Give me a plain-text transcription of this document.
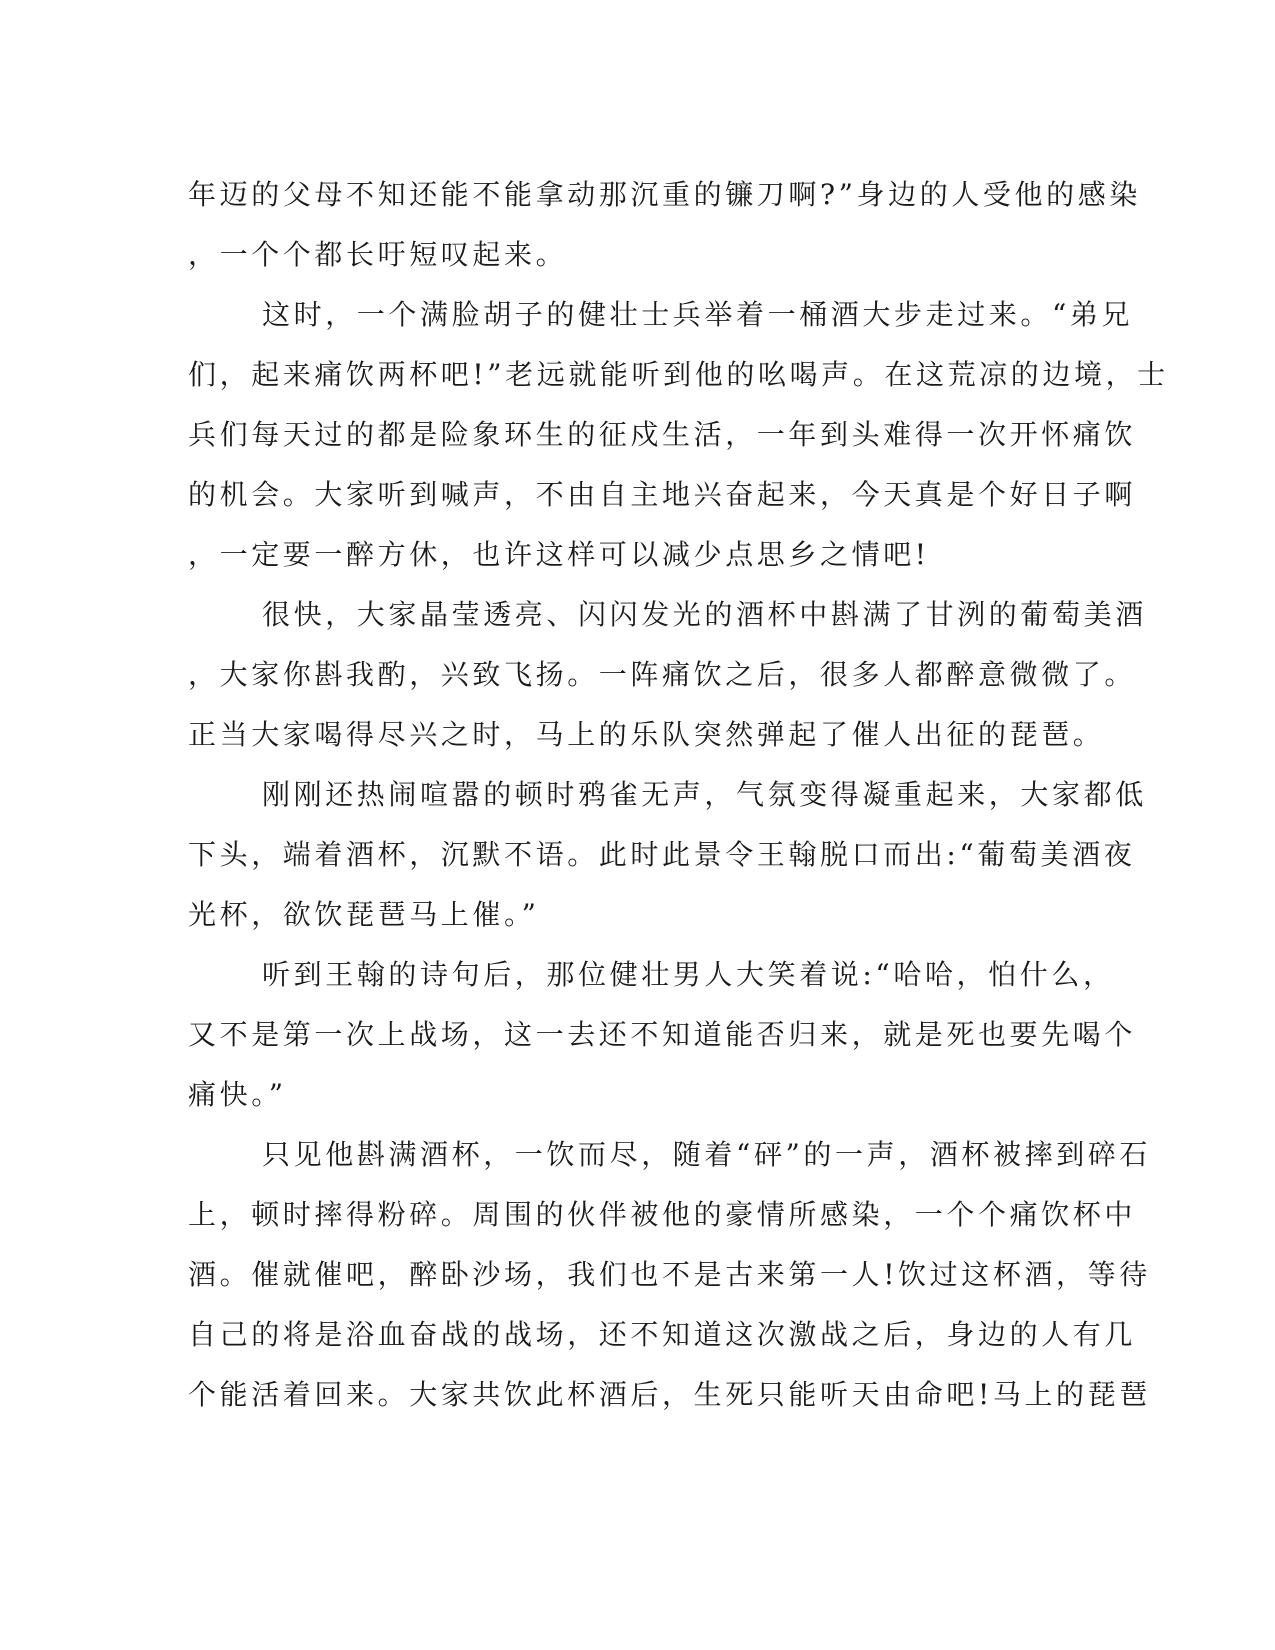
年迈的父母不知还能不能拿动那沉重的镰刀啊?”身边的人受他的感染
，一个个都长吁短叹起来。
这时，一个满脸胡子的健壮士兵举着一桶酒大步走过来。“弟兄
们，起来痛饮两杯吧!”老远就能听到他的吆喝声。在这荒凉的边境，士
兵们每天过的都是险象环生的征戍生活，一年到头难得一次开怀痛饮
的机会。大家听到喊声，不由自主地兴奋起来，今天真是个好日子啊
，一定要一醉方休，也许这样可以减少点思乡之情吧!
很快，大家晶莹透亮、闪闪发光的酒杯中斟满了甘洌的葡萄美酒
，大家你斟我酌，兴致飞扬。一阵痛饮之后，很多人都醉意微微了。
正当大家喝得尽兴之时，马上的乐队突然弹起了催人出征的琵琶。
刚刚还热闹喧嚣的顿时鸦雀无声，气氛变得凝重起来，大家都低
下头，端着酒杯，沉默不语。此时此景令王翰脱口而出:“葡萄美酒夜
光杯，欲饮琵琶马上催。”
听到王翰的诗句后，那位健壮男人大笑着说:“哈哈，怕什么，
又不是第一次上战场，这一去还不知道能否归来，就是死也要先喝个
痛快。”
只见他斟满酒杯，一饮而尽，随着“砰”的一声，酒杯被摔到碎石
上，顿时摔得粉碎。周围的伙伴被他的豪情所感染，一个个痛饮杯中
酒。催就催吧，醉卧沙场，我们也不是古来第一人!饮过这杯酒，等待
自己的将是浴血奋战的战场，还不知道这次激战之后，身边的人有几
个能活着回来。大家共饮此杯酒后，生死只能听天由命吧!马上的琵琶
